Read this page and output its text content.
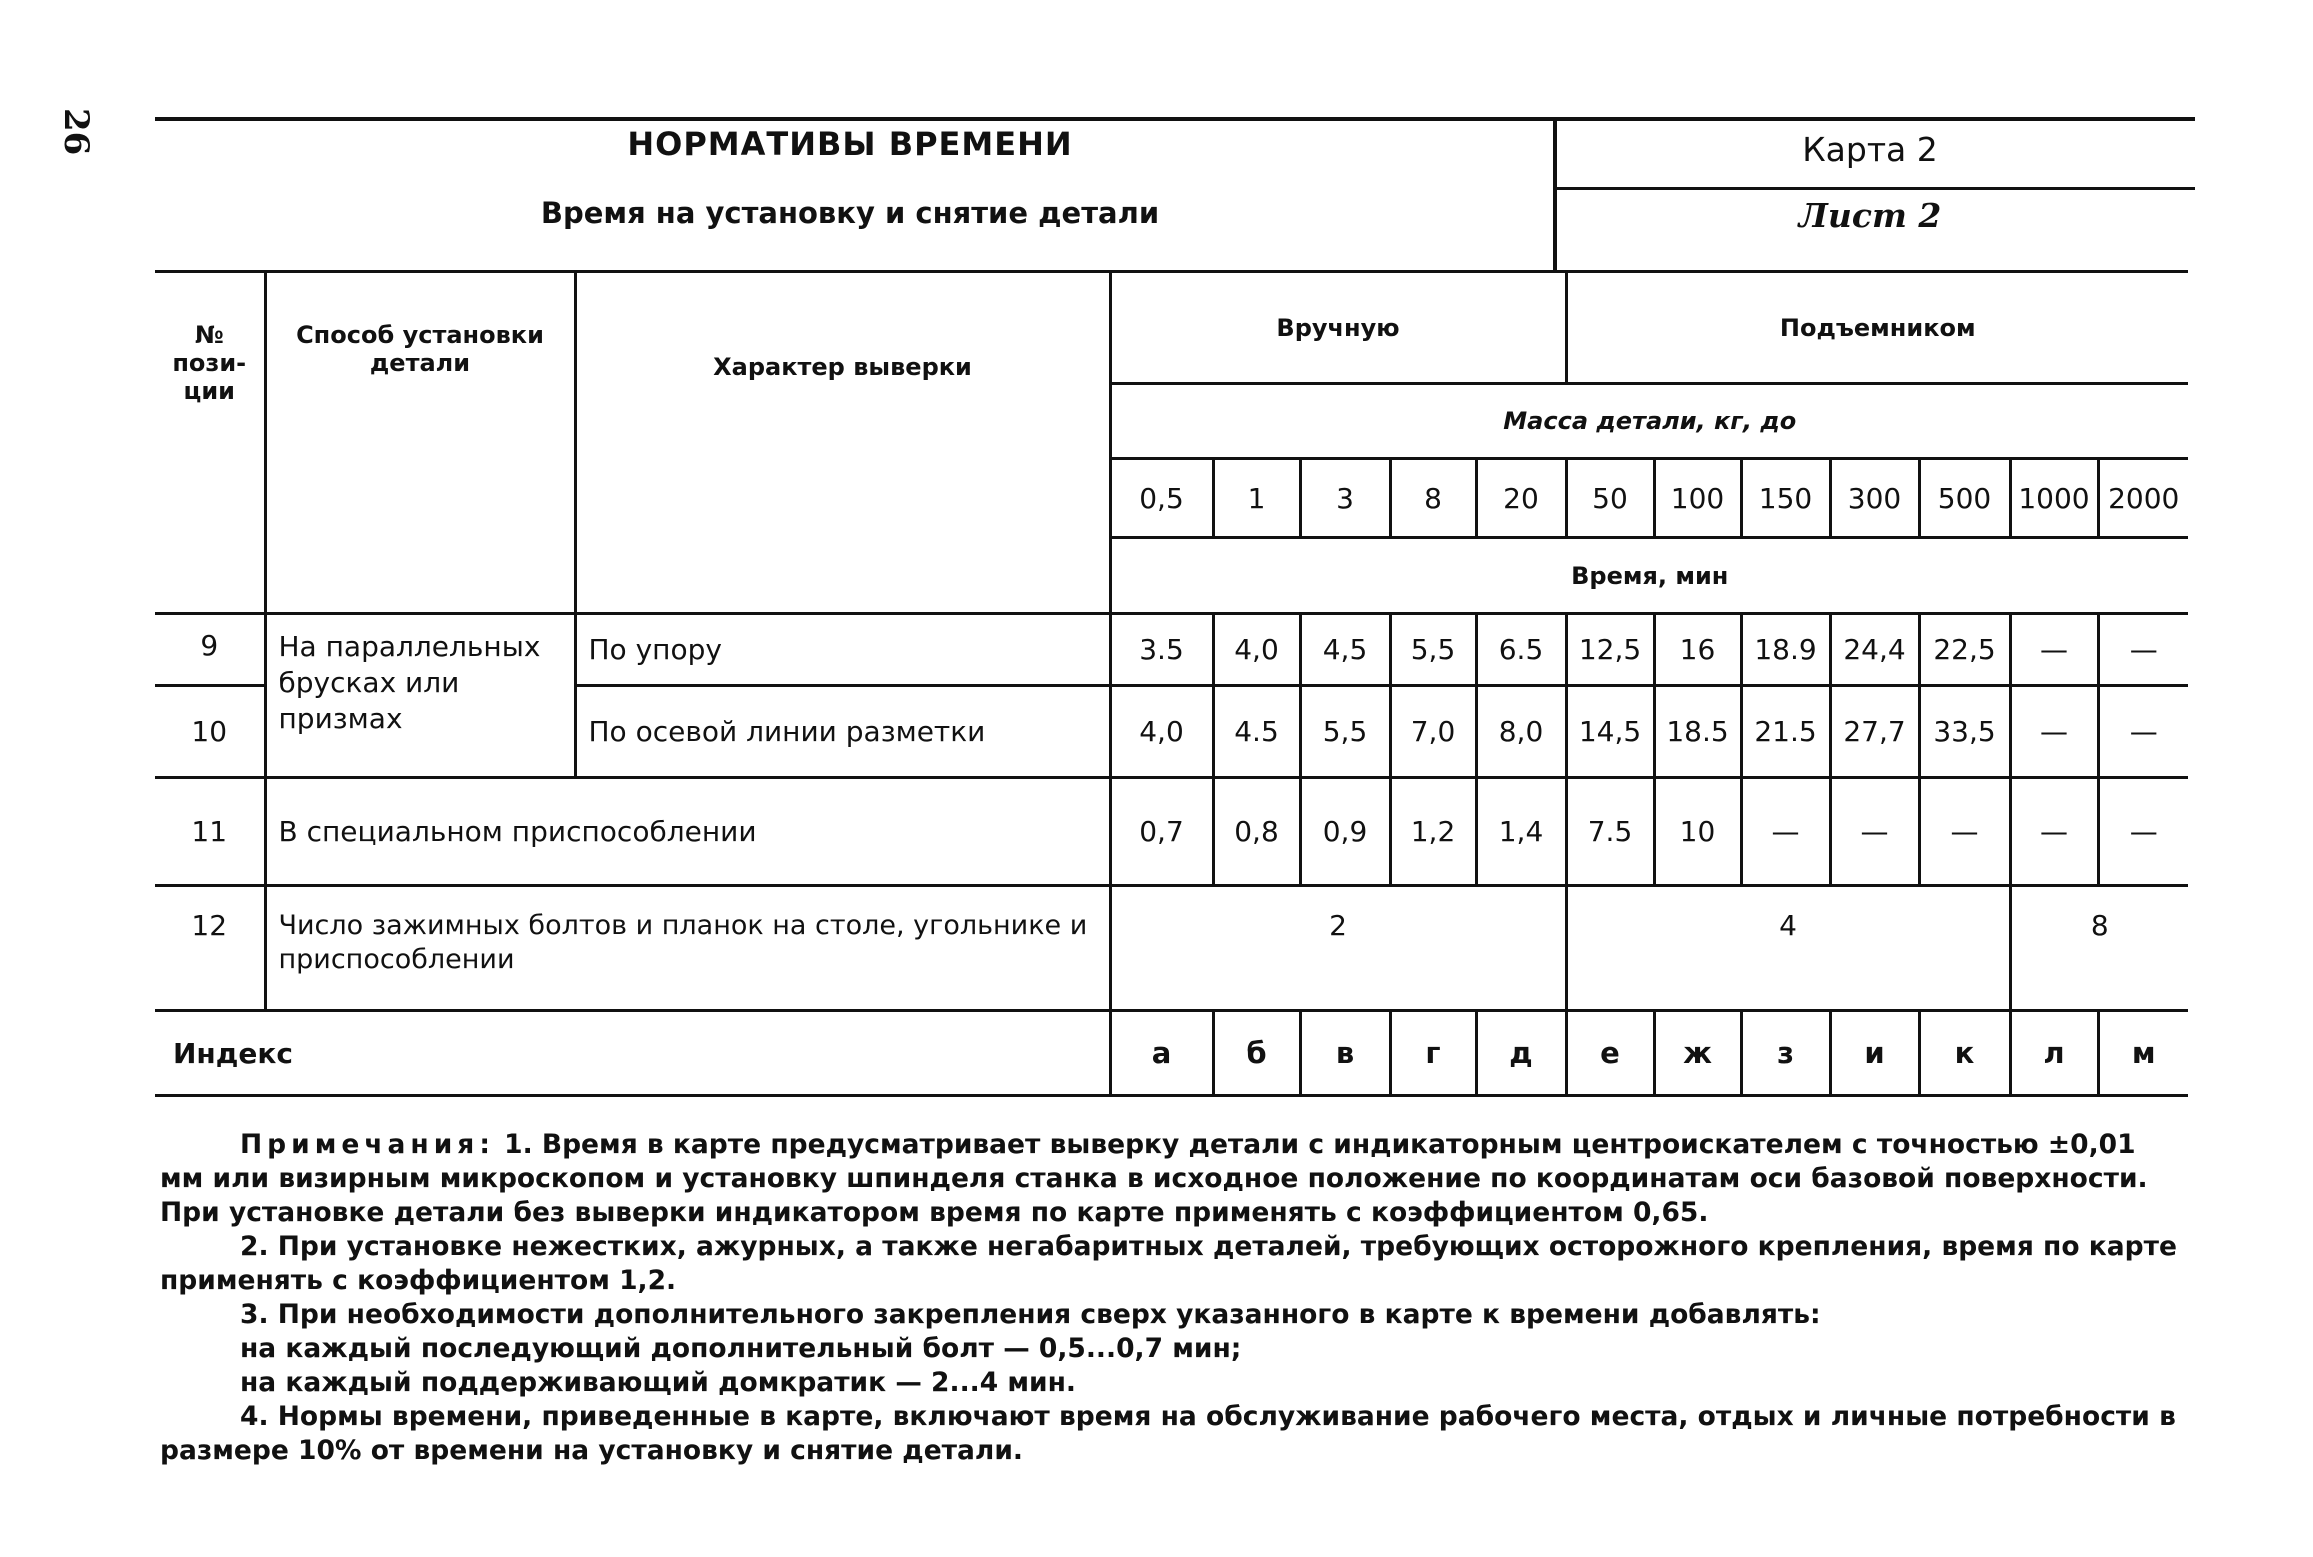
26	НОРМАТИВЫ ВРЕМЕНИ
Время на установку и снятие детали
Карта 2
Лист 2
№ пози- ции	Способ установки детали	Характер выверки	Вручную					Подъемником						
			Масса детали, кг, до											
			0,5	1	3	8	20	50	100	150	300	500	1000	2000
			Время, мин											
9	На параллельных брусках или призмах	По упору	3.5	4,0	4,5	5,5	6.5	12,5	16	18.9	24,4	22,5	—	—
10		По осевой линии разметки	4,0	4.5	5,5	7,0	8,0	14,5	18.5	21.5	27,7	33,5	—	—
11	В специальном приспособлении		0,7	0,8	0,9	1,2	1,4	7.5	10	—	—	—	—	—
12	Число зажимных болтов и планок на столе, угольнике и приспособлении		2					4					8	
Индекс			а	б	в	г	д	е	ж	з	и	к	л	м

Примечания: 1. Время в карте предусматривает выверку детали с индикаторным центроискателем с точностью ±0,01 мм или визирным микроскопом и установку шпинделя станка в исходное положение по координатам оси базовой поверхности. При установке детали без выверки индикатором время по карте применять с коэффициентом 0,65.

2. При установке нежестких, ажурных, а также негабаритных деталей, требующих осторожного крепления, время по карте применять с коэффициентом 1,2.

3. При необходимости дополнительного закрепления сверх указанного в карте к времени добавлять:

на каждый последующий дополнительный болт — 0,5...0,7 мин;

на каждый поддерживающий домкратик — 2...4 мин.

4. Нормы времени, приведенные в карте, включают время на обслуживание рабочего места, отдых и личные потребности в размере 10% от времени на установку и снятие детали.
